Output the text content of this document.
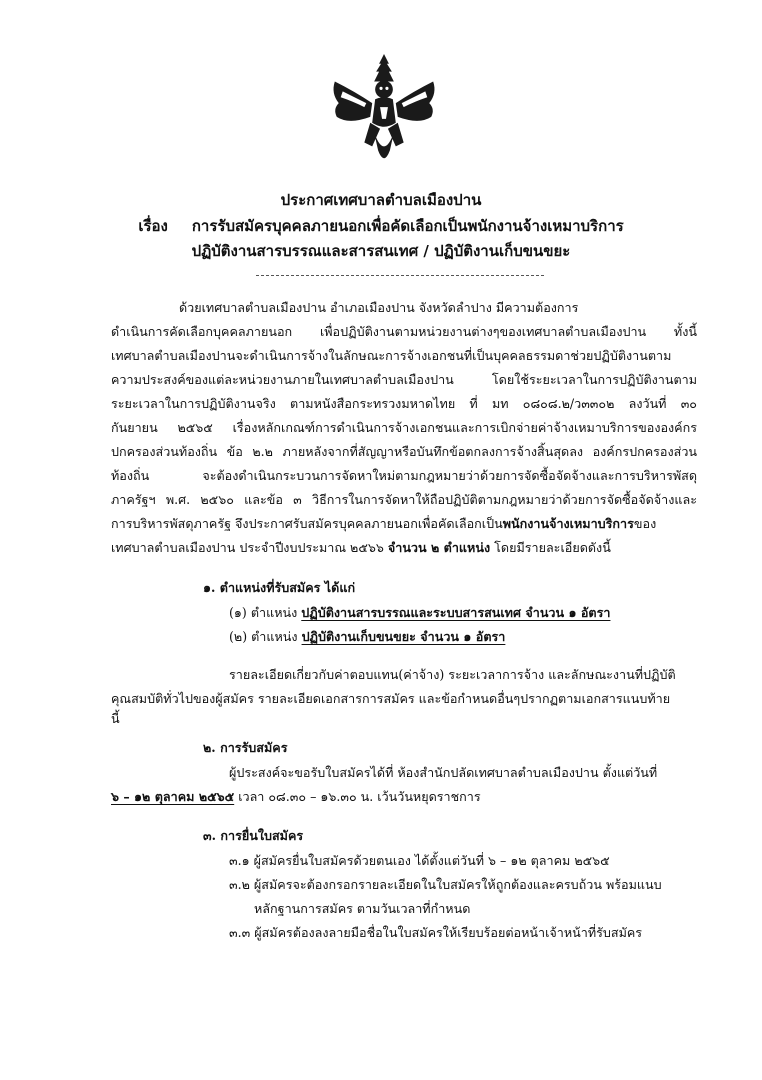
ประกาศเทศบาลตำบลเมืองปาน
เรื่อง การรับสมัครบุคคลภายนอกเพื่อคัดเลือกเป็นพนักงานจ้างเหมาบริการ
ปฏิบัติงานสารบรรณและสารสนเทศ / ปฏิบัติงานเก็บขนขยะ
ด้วยเทศบาลตำบลเมืองปาน อำเภอเมืองปาน จังหวัดลำปาง มีความต้องการ
ดำเนินการคัดเลือกบุคคลภายนอก เพื่อปฏิบัติงานตามหน่วยงานต่างๆของเทศบาลตำบลเมืองปาน ทั้งนี้
เทศบาลตำบลเมืองปานจะดำเนินการจ้างในลักษณะการจ้างเอกชนที่เป็นบุคคลธรรมดาช่วยปฏิบัติงานตาม
ความประสงค์ของแต่ละหน่วยงานภายในเทศบาลตำบลเมืองปาน โดยใช้ระยะเวลาในการปฏิบัติงานตาม
ระยะเวลาในการปฏิบัติงานจริง ตามหนังสือกระทรวงมหาดไทย ที่ มท ๐๘๐๘.๒/ว๓๓๐๒ ลงวันที่ ๓๐
กันยายน ๒๕๖๕ เรื่องหลักเกณฑ์การดำเนินการจ้างเอกชนและการเบิกจ่ายค่าจ้างเหมาบริการขององค์กร
ปกครองส่วนท้องถิ่น ข้อ ๒.๒ ภายหลังจากที่สัญญาหรือบันทึกข้อตกลงการจ้างสิ้นสุดลง องค์กรปกครองส่วน
ท้องถิ่น จะต้องดำเนินกระบวนการจัดหาใหม่ตามกฎหมายว่าด้วยการจัดซื้อจัดจ้างและการบริหารพัสดุ
ภาครัฐฯ พ.ศ. ๒๕๖๐ และข้อ ๓ วิธีการในการจัดหาให้ถือปฏิบัติตามกฎหมายว่าด้วยการจัดซื้อจัดจ้างและ
การบริหารพัสดุภาครัฐ จึงประกาศรับสมัครบุคคลภายนอกเพื่อคัดเลือกเป็นพนักงานจ้างเหมาบริการของ
เทศบาลตำบลเมืองปาน ประจำปีงบประมาณ ๒๕๖๖ จำนวน ๒ ตำแหน่ง โดยมีรายละเอียดดังนี้
๑. ตำแหน่งที่รับสมัคร ได้แก่
(๑) ตำแหน่ง ปฏิบัติงานสารบรรณและระบบสารสนเทศ จำนวน ๑ อัตรา
(๒) ตำแหน่ง ปฏิบัติงานเก็บขนขยะ จำนวน ๑ อัตรา
รายละเอียดเกี่ยวกับค่าตอบแทน(ค่าจ้าง) ระยะเวลาการจ้าง และลักษณะงานที่ปฏิบัติ
คุณสมบัติทั่วไปของผู้สมัคร รายละเอียดเอกสารการสมัคร และข้อกำหนดอื่นๆปรากฏตามเอกสารแนบท้าย
นี้
๒. การรับสมัคร
ผู้ประสงค์จะขอรับใบสมัครได้ที่ ห้องสำนักปลัดเทศบาลตำบลเมืองปาน ตั้งแต่วันที่
๖ – ๑๒ ตุลาคม ๒๕๖๕ เวลา ๐๘.๓๐ – ๑๖.๓๐ น. เว้นวันหยุดราชการ
๓. การยื่นใบสมัคร
๓.๑ ผู้สมัครยื่นใบสมัครด้วยตนเอง ได้ตั้งแต่วันที่ ๖ – ๑๒ ตุลาคม ๒๕๖๕
๓.๒ ผู้สมัครจะต้องกรอกรายละเอียดในใบสมัครให้ถูกต้องและครบถ้วน พร้อมแนบ
หลักฐานการสมัคร ตามวันเวลาที่กำหนด
๓.๓ ผู้สมัครต้องลงลายมือชื่อในใบสมัครให้เรียบร้อยต่อหน้าเจ้าหน้าที่รับสมัคร
